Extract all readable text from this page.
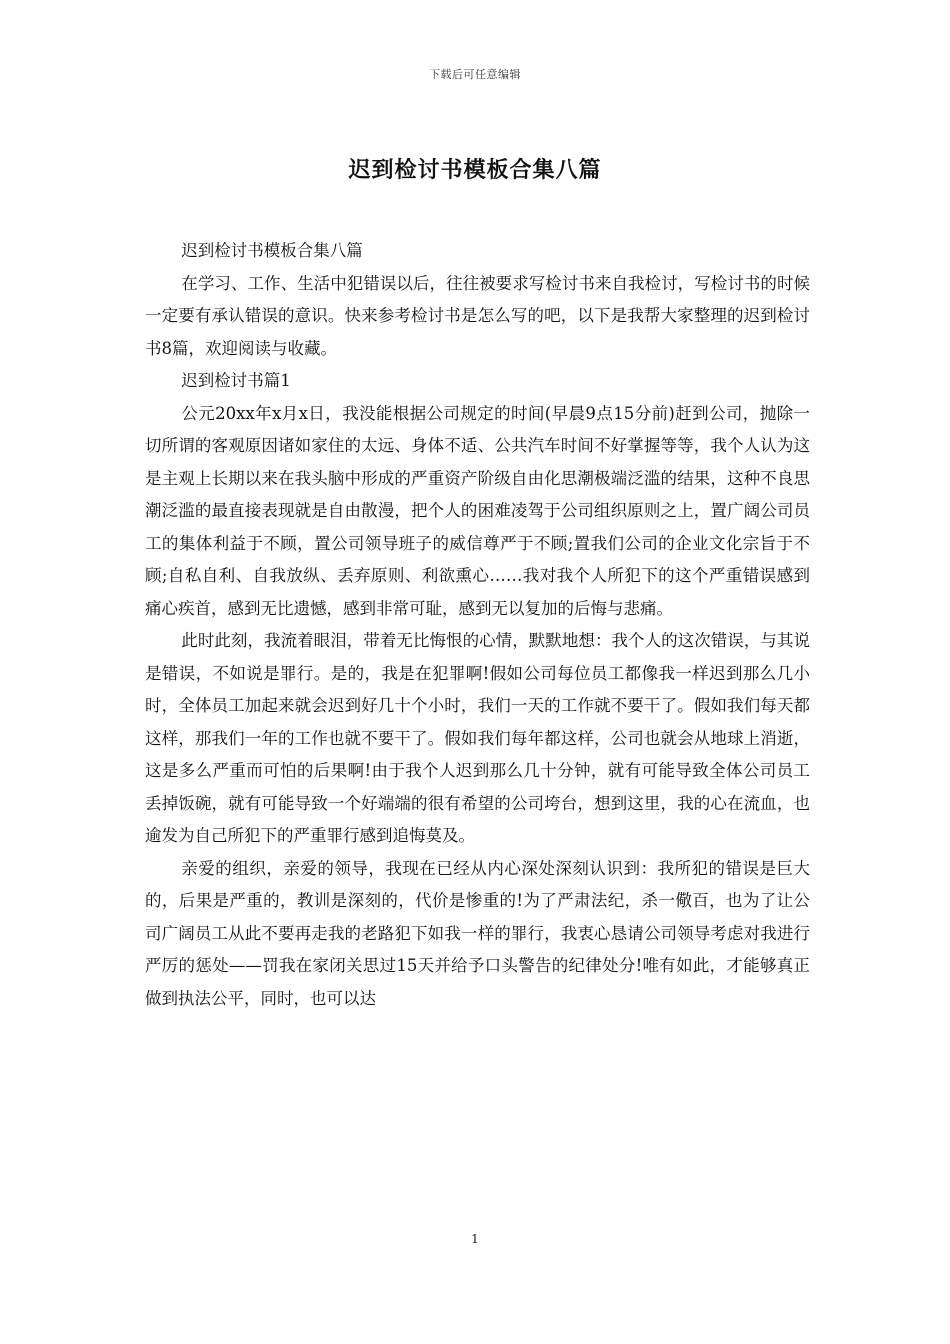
下载后可任意编辑
迟到检讨书模板合集八篇

迟到检讨书模板合集八篇

在学习、工作、生活中犯错误以后，往往被要求写检讨书来自我检讨，写检讨书的时候一定要有承认错误的意识。快来参考检讨书是怎么写的吧，以下是我帮大家整理的迟到检讨书8篇，欢迎阅读与收藏。

迟到检讨书篇1

公元20xx年x月x日，我没能根据公司规定的时间(早晨9点15分前)赶到公司，抛除一切所谓的客观原因诸如家住的太远、身体不适、公共汽车时间不好掌握等等，我个人认为这是主观上长期以来在我头脑中形成的严重资产阶级自由化思潮极端泛滥的结果，这种不良思潮泛滥的最直接表现就是自由散漫，把个人的困难凌驾于公司组织原则之上，置广阔公司员工的集体利益于不顾，置公司领导班子的威信尊严于不顾;置我们公司的企业文化宗旨于不顾;自私自利、自我放纵、丢弃原则、利欲熏心……我对我个人所犯下的这个严重错误感到痛心疾首，感到无比遗憾，感到非常可耻，感到无以复加的后悔与悲痛。

此时此刻，我流着眼泪，带着无比悔恨的心情，默默地想：我个人的这次错误，与其说是错误，不如说是罪行。是的，我是在犯罪啊!假如公司每位员工都像我一样迟到那么几小时，全体员工加起来就会迟到好几十个小时，我们一天的工作就不要干了。假如我们每天都这样，那我们一年的工作也就不要干了。假如我们每年都这样，公司也就会从地球上消逝，这是多么严重而可怕的后果啊!由于我个人迟到那么几十分钟，就有可能导致全体公司员工丢掉饭碗，就有可能导致一个好端端的很有希望的公司垮台，想到这里，我的心在流血，也逾发为自己所犯下的严重罪行感到追悔莫及。

亲爱的组织，亲爱的领导，我现在已经从内心深处深刻认识到：我所犯的错误是巨大的，后果是严重的，教训是深刻的，代价是惨重的!为了严肃法纪，杀一儆百，也为了让公司广阔员工从此不要再走我的老路犯下如我一样的罪行，我衷心恳请公司领导考虑对我进行严厉的惩处——罚我在家闭关思过15天并给予口头警告的纪律处分!唯有如此，才能够真正做到执法公平，同时，也可以达

1
